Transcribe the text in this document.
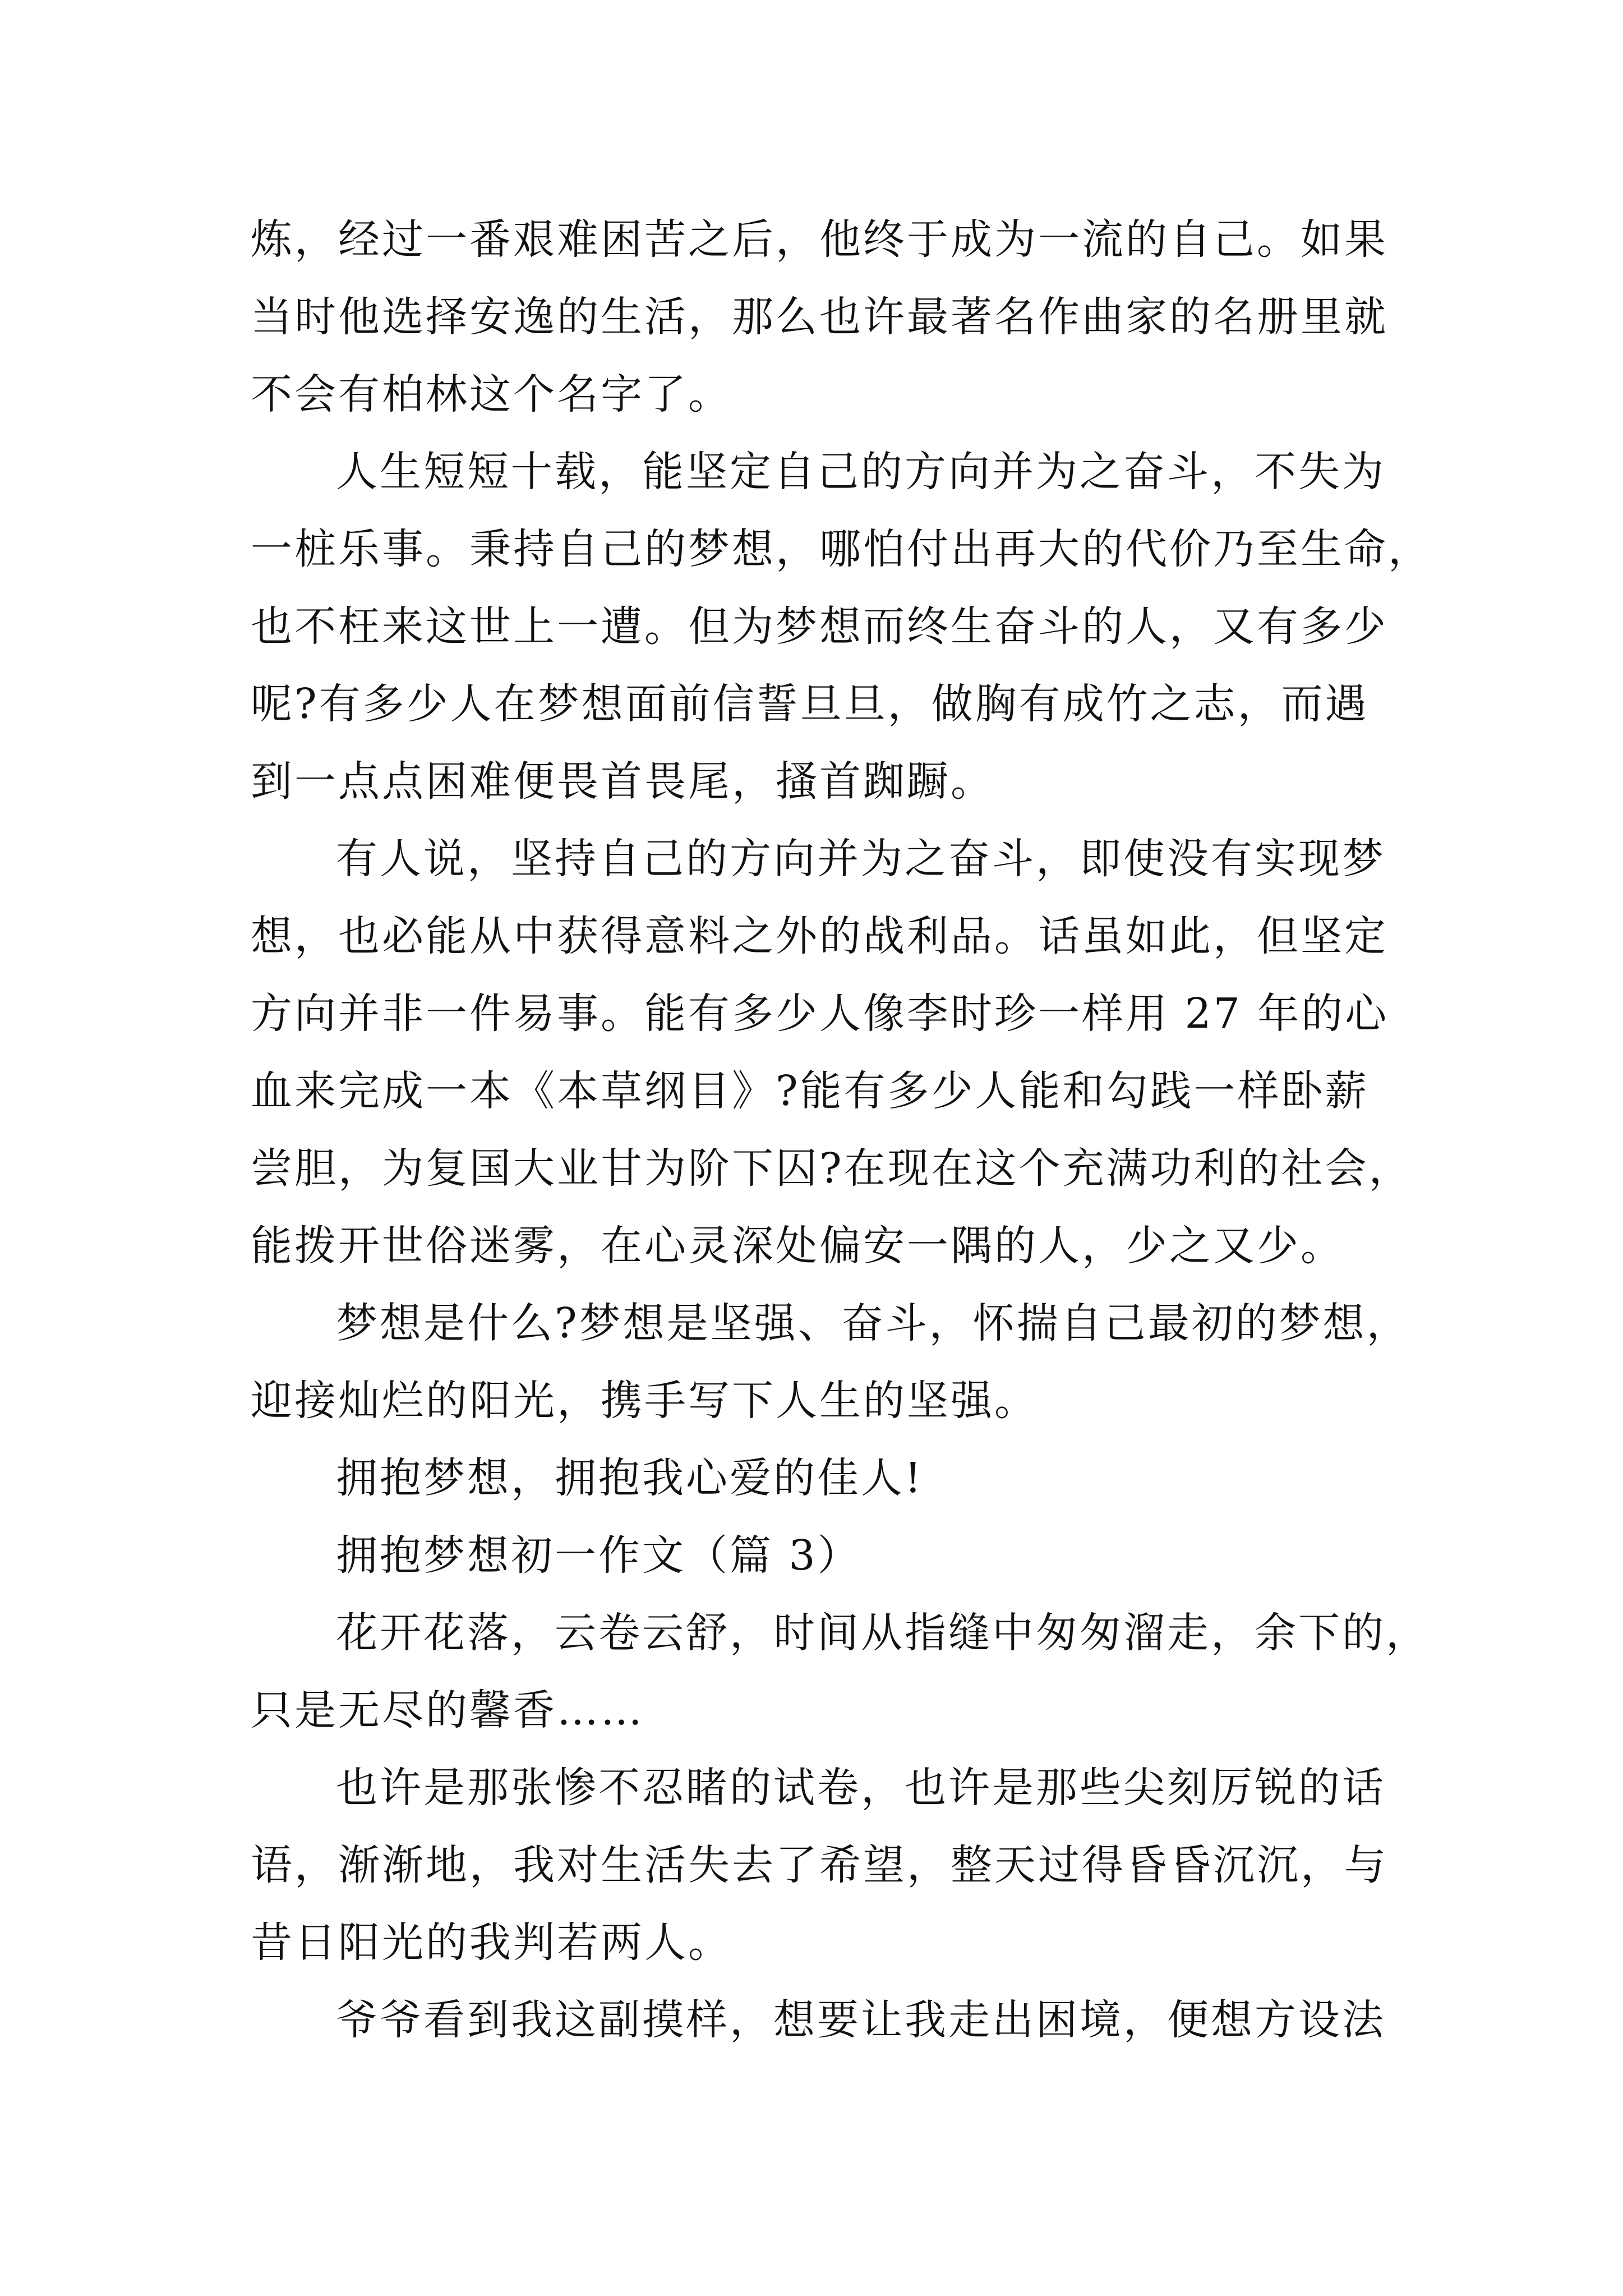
炼，经过一番艰难困苦之后，他终于成为一流的自己。如果
当时他选择安逸的生活，那么也许最著名作曲家的名册里就
不会有柏林这个名字了。
人生短短十载，能坚定自己的方向并为之奋斗，不失为
一桩乐事。秉持自己的梦想，哪怕付出再大的代价乃至生命，
也不枉来这世上一遭。但为梦想而终生奋斗的人，又有多少
呢?有多少人在梦想面前信誓旦旦，做胸有成竹之志，而遇
到一点点困难便畏首畏尾，搔首踟蹰。
有人说，坚持自己的方向并为之奋斗，即使没有实现梦
想，也必能从中获得意料之外的战利品。话虽如此，但坚定
方向并非一件易事。能有多少人像李时珍一样用 27 年的心
血来完成一本《本草纲目》?能有多少人能和勾践一样卧薪
尝胆，为复国大业甘为阶下囚?在现在这个充满功利的社会，
能拨开世俗迷雾，在心灵深处偏安一隅的人，少之又少。
梦想是什么?梦想是坚强、奋斗，怀揣自己最初的梦想，
迎接灿烂的阳光，携手写下人生的坚强。
拥抱梦想，拥抱我心爱的佳人!
拥抱梦想初一作文（篇 3）
花开花落，云卷云舒，时间从指缝中匆匆溜走，余下的，
只是无尽的馨香……
也许是那张惨不忍睹的试卷，也许是那些尖刻厉锐的话
语，渐渐地，我对生活失去了希望，整天过得昏昏沉沉，与
昔日阳光的我判若两人。
爷爷看到我这副摸样，想要让我走出困境，便想方设法
